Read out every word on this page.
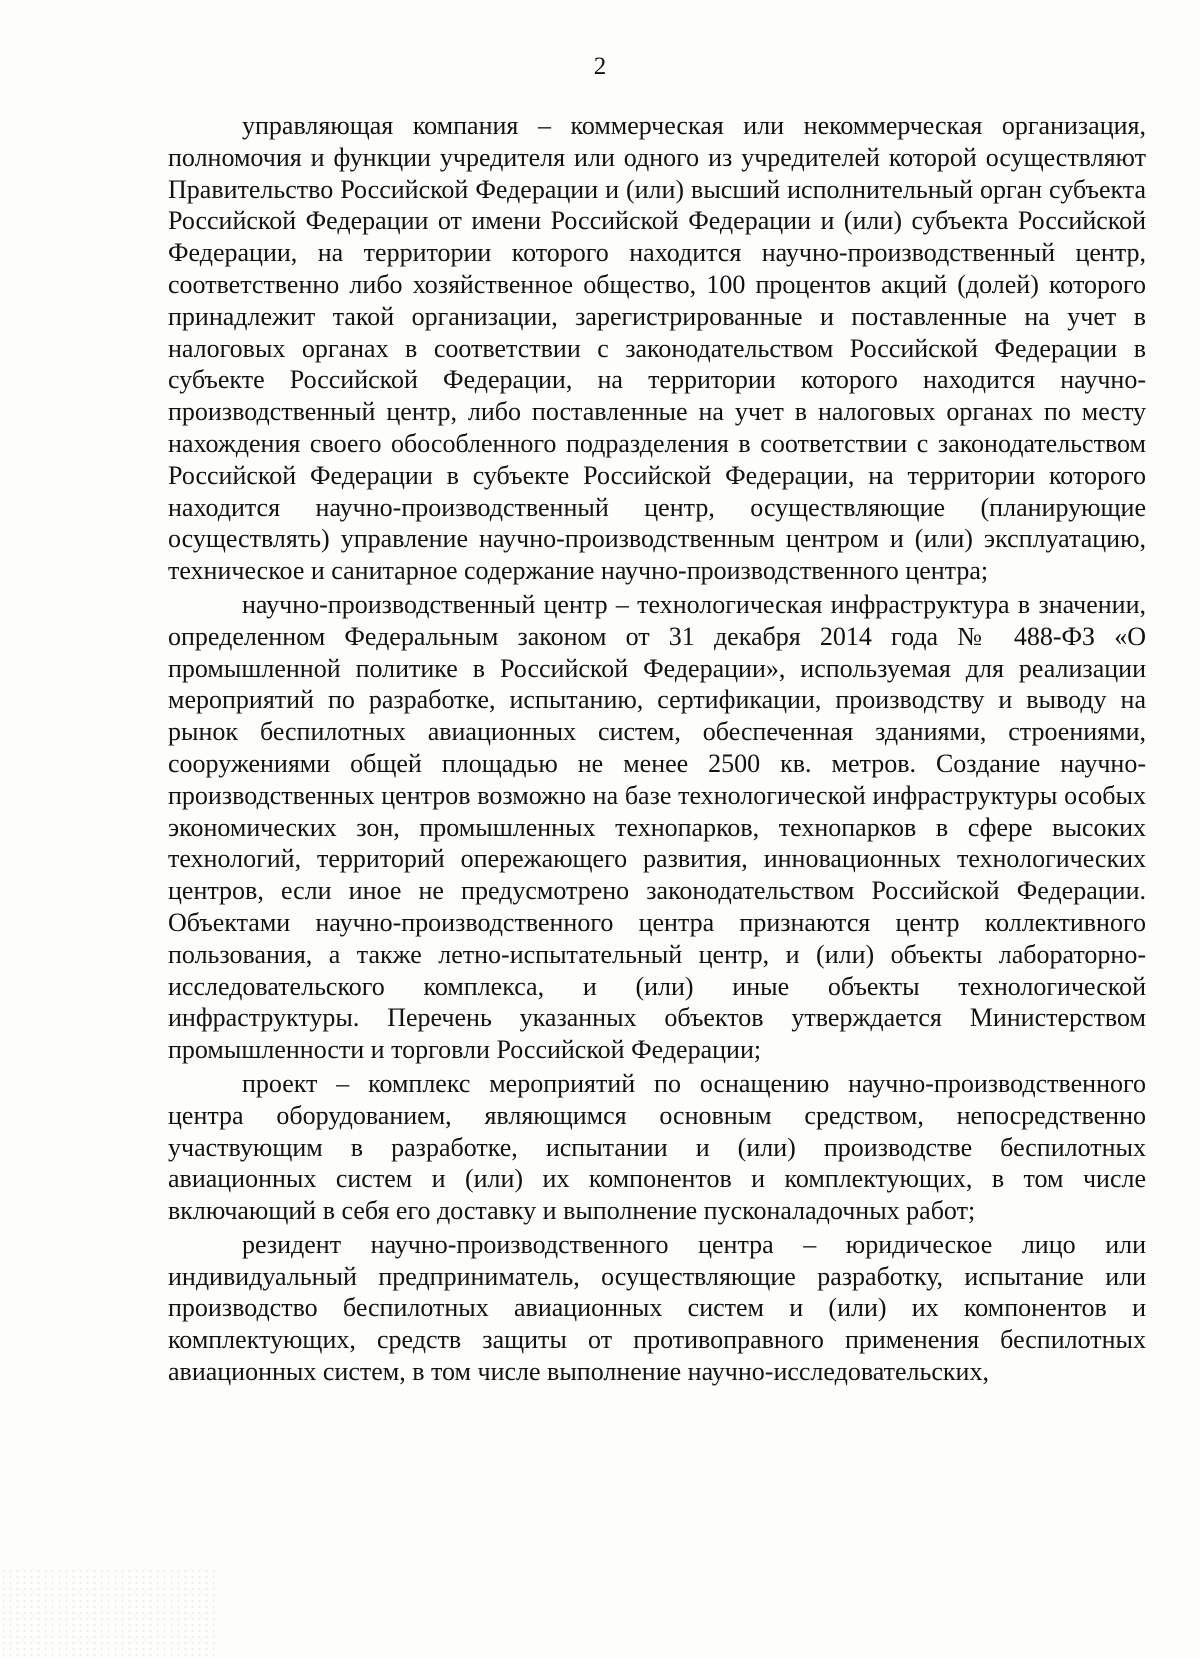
2

управляющая компания – коммерческая или некоммерческая организация, полномочия и функции учредителя или одного из учредителей которой осуществляют Правительство Российской Федерации и (или) высший исполнительный орган субъекта Российской Федерации от имени Российской Федерации и (или) субъекта Российской Федерации, на территории которого находится научно-производственный центр, соответственно либо хозяйственное общество, 100 процентов акций (долей) которого принадлежит такой организации, зарегистрированные и поставленные на учет в налоговых органах в соответствии с законодательством Российской Федерации в субъекте Российской Федерации, на территории которого находится научно-производственный центр, либо поставленные на учет в налоговых органах по месту нахождения своего обособленного подразделения в соответствии с законодательством Российской Федерации в субъекте Российской Федерации, на территории которого находится научно-производственный центр, осуществляющие (планирующие осуществлять) управление научно-производственным центром и (или) эксплуатацию, техническое и санитарное содержание научно-производственного центра;

научно-производственный центр – технологическая инфраструктура в значении, определенном Федеральным законом от 31 декабря 2014 года № 488-ФЗ «О промышленной политике в Российской Федерации», используемая для реализации мероприятий по разработке, испытанию, сертификации, производству и выводу на рынок беспилотных авиационных систем, обеспеченная зданиями, строениями, сооружениями общей площадью не менее 2500 кв. метров. Создание научно-производственных центров возможно на базе технологической инфраструктуры особых экономических зон, промышленных технопарков, технопарков в сфере высоких технологий, территорий опережающего развития, инновационных технологических центров, если иное не предусмотрено законодательством Российской Федерации. Объектами научно-производственного центра признаются центр коллективного пользования, а также летно-испытательный центр, и (или) объекты лабораторно-исследовательского комплекса, и (или) иные объекты технологической инфраструктуры. Перечень указанных объектов утверждается Министерством промышленности и торговли Российской Федерации;

проект – комплекс мероприятий по оснащению научно-производственного центра оборудованием, являющимся основным средством, непосредственно участвующим в разработке, испытании и (или) производстве беспилотных авиационных систем и (или) их компонентов и комплектующих, в том числе включающий в себя его доставку и выполнение пусконаладочных работ;

резидент научно-производственного центра – юридическое лицо или индивидуальный предприниматель, осуществляющие разработку, испытание или производство беспилотных авиационных систем и (или) их компонентов и комплектующих, средств защиты от противоправного применения беспилотных авиационных систем, в том числе выполнение научно-исследовательских,
